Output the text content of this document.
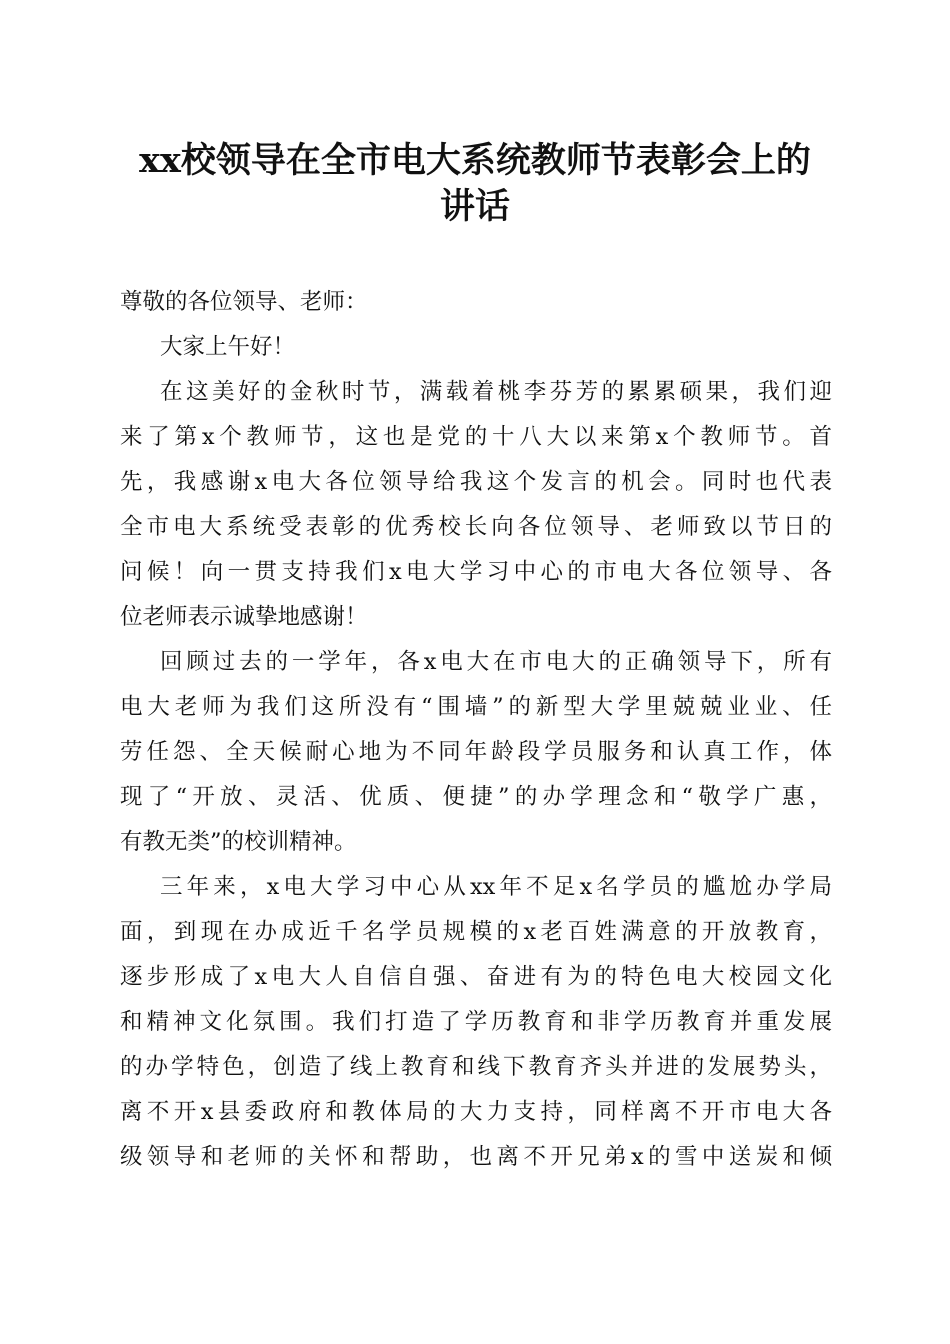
xx校领导在全市电大系统教师节表彰会上的
讲话
尊敬的各位领导、老师：
大家上午好！
在这美好的金秋时节，满载着桃李芬芳的累累硕果，我们迎
来了第x个教师节，这也是党的十八大以来第x个教师节。首
先，我感谢x电大各位领导给我这个发言的机会。同时也代表
全市电大系统受表彰的优秀校长向各位领导、老师致以节日的
问候！向一贯支持我们x电大学习中心的市电大各位领导、各
位老师表示诚挚地感谢！
回顾过去的一学年，各x电大在市电大的正确领导下，所有
电大老师为我们这所没有“围墙”的新型大学里兢兢业业、任
劳任怨、全天候耐心地为不同年龄段学员服务和认真工作，体
现了“开放、灵活、优质、便捷”的办学理念和“敬学广惠，
有教无类”的校训精神。
三年来，x电大学习中心从xx年不足x名学员的尴尬办学局
面，到现在办成近千名学员规模的x老百姓满意的开放教育，
逐步形成了x电大人自信自强、奋进有为的特色电大校园文化
和精神文化氛围。我们打造了学历教育和非学历教育并重发展
的办学特色，创造了线上教育和线下教育齐头并进的发展势头，
离不开x县委政府和教体局的大力支持，同样离不开市电大各
级领导和老师的关怀和帮助，也离不开兄弟x的雪中送炭和倾
